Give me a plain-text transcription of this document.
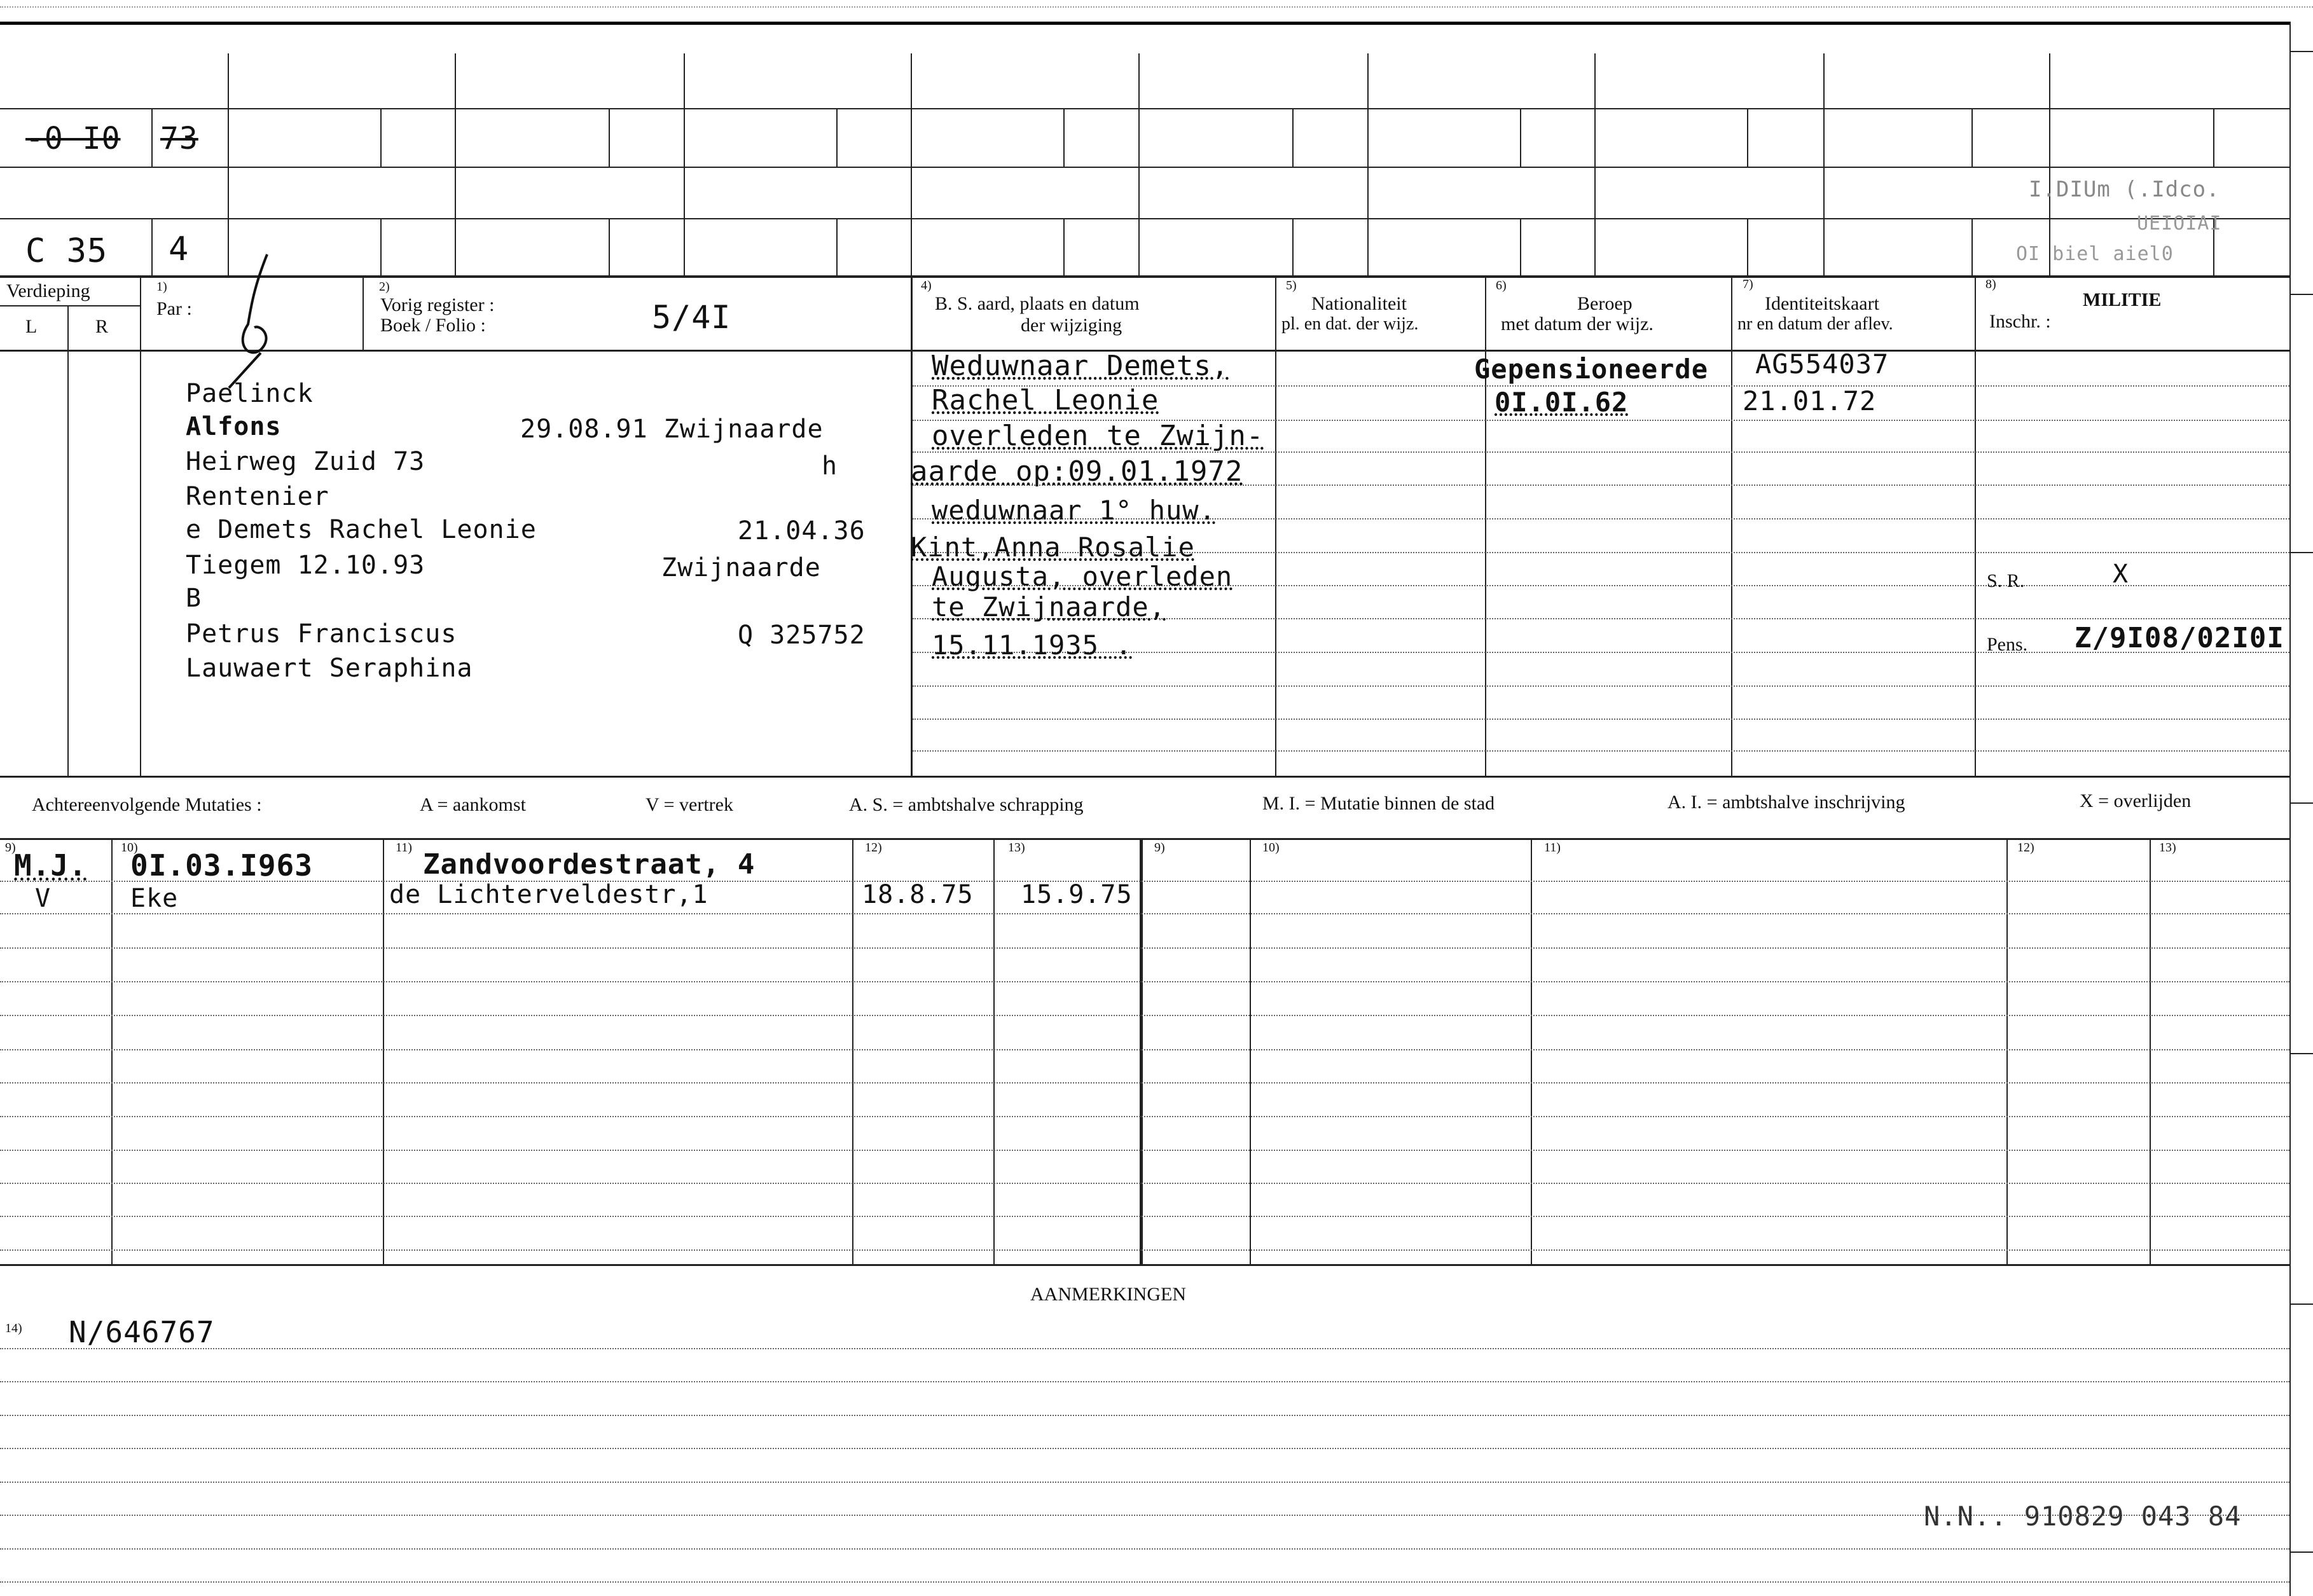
-0 I0 73
C 35 4
I.DIUm (.Idco.
UEIOIAI
OI biel aiel0
Verdieping
L	R
1)
Par :
2)
Vorig register :
Boek / Folio :	5/4I
4)
B. S. aard, plaats en datum
der wijziging
5)
Nationaliteit
pl. en dat. der wijz.
6)
Beroep
met datum der wijz.
7)
Identiteitskaart
nr en datum der aflev.
8)
MILITIE
Inschr. :
Paelinck
Alfons	29.08.91 Zwijnaarde
Heirweg Zuid 73	h
Rentenier
e Demets Rachel Leonie	21.04.36
Tiegem 12.10.93	Zwijnaarde
B
Petrus Franciscus	Q 325752
Lauwaert Seraphina
Weduwnaar Demets,
Rachel Leonie
overleden te Zwijn-
aarde op:09.01.1972
weduwnaar 1° huw.
Kint,Anna Rosalie
Augusta, overleden
te Zwijnaarde,
15.11.1935 .
Gepensioneerde
0I.0I.62
AG554037
21.01.72
S. R.	X
Pens. Z/9I08/02I0I
Achtereenvolgende Mutaties :	A = aankomst	V = vertrek	A. S. = ambtshalve schrapping	M. I. = Mutatie binnen de stad	A. I. = ambtshalve inschrijving	X = overlijden
9)	10)	11)	12)	13)	9)	10)	11)	12)	13)
M.J. 0I.03.I963	Zandvoordestraat, 4
V	Eke	de Lichterveldestr,1	18.8.75 15.9.75
AANMERKINGEN
14) N/646767
N.N.. 910829 043 84
